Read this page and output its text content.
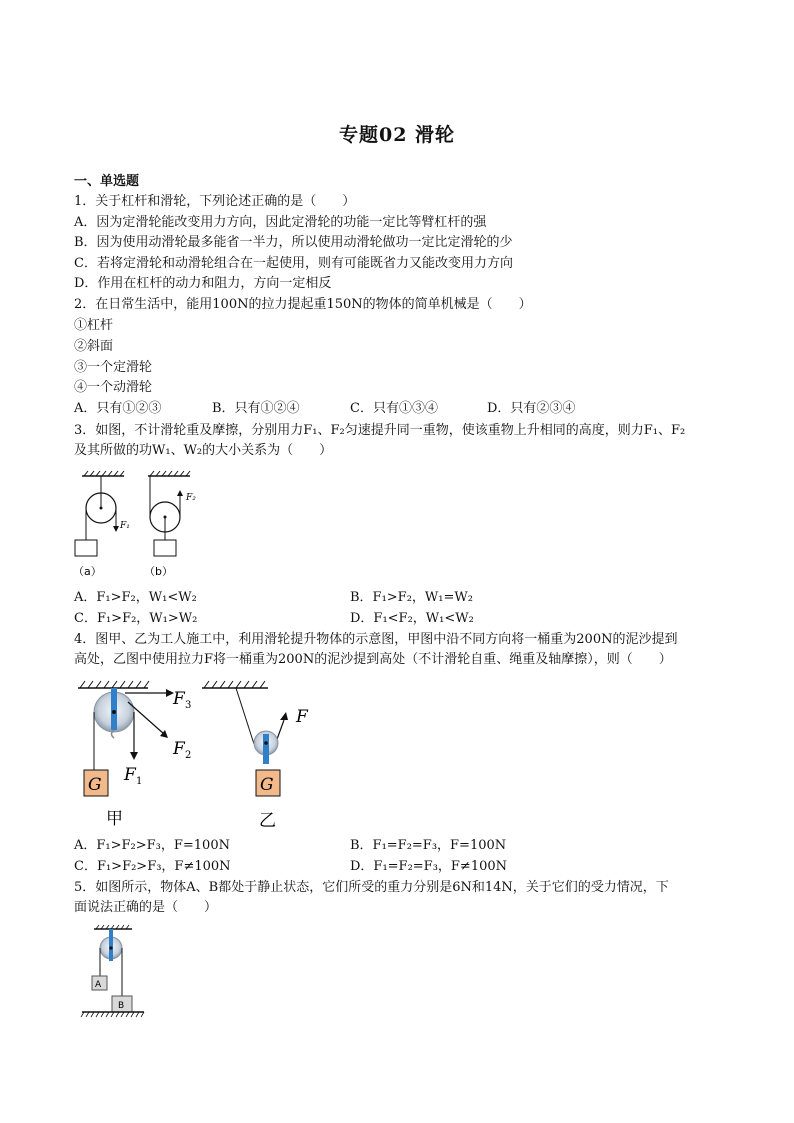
专题02 滑轮
一、单选题
1．关于杠杆和滑轮，下列论述正确的是（　　）
A．因为定滑轮能改变用力方向，因此定滑轮的功能一定比等臂杠杆的强
B．因为使用动滑轮最多能省一半力，所以使用动滑轮做功一定比定滑轮的少
C．若将定滑轮和动滑轮组合在一起使用，则有可能既省力又能改变用力方向
D．作用在杠杆的动力和阻力，方向一定相反
2．在日常生活中，能用100N的拉力提起重150N的物体的简单机械是（　　）
①杠杆
②斜面
③一个定滑轮
④一个动滑轮
A．只有①②③	B．只有①②④	C．只有①③④	D．只有②③④
3．如图，不计滑轮重及摩擦，分别用力F₁、F₂匀速提升同一重物，使该重物上升相同的高度，则力F₁、F₂
及其所做的功W₁、W₂的大小关系为（　　）
F₁
（a）
F₂
（b）
A．F₁>F₂，W₁<W₂	B．F₁>F₂，W₁=W₂
C．F₁>F₂，W₁>W₂	D．F₁<F₂，W₁<W₂
4．图甲、乙为工人施工中，利用滑轮提升物体的示意图，甲图中沿不同方向将一桶重为200N的泥沙提到
高处，乙图中使用拉力F将一桶重为200N的泥沙提到高处（不计滑轮自重、绳重及轴摩擦），则（　　）
F 3
F 2
F 1
G
甲
F
G
乙
A．F₁>F₂>F₃，F=100N	B．F₁=F₂=F₃，F=100N
C．F₁>F₂>F₃，F≠100N	D．F₁=F₂=F₃，F≠100N
5．如图所示，物体A、B都处于静止状态，它们所受的重力分别是6N和14N，关于它们的受力情况，下
面说法正确的是（　　）
A
B
